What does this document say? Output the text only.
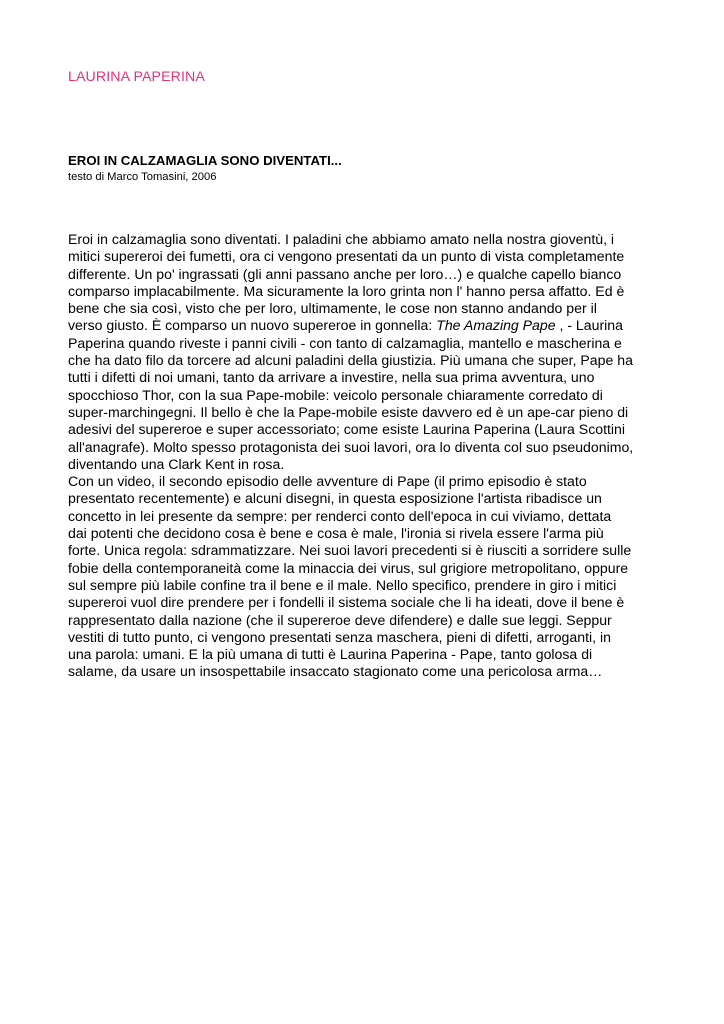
LAURINA PAPERINA
EROI IN CALZAMAGLIA SONO DIVENTATI...
testo di Marco Tomasini, 2006
Eroi in calzamaglia sono diventati. I paladini che abbiamo amato nella nostra gioventù, i
mitici supereroi dei fumetti, ora ci vengono presentati da un punto di vista completamente
differente. Un po' ingrassati (gli anni passano anche per loro…) e qualche capello bianco
comparso implacabilmente. Ma sicuramente la loro grinta non l' hanno persa affatto. Ed è
bene che sia così, visto che per loro, ultimamente, le cose non stanno andando per il
verso giusto. È comparso un nuovo supereroe in gonnella: The Amazing Pape , - Laurina
Paperina quando riveste i panni civili - con tanto di calzamaglia, mantello e mascherina e
che ha dato filo da torcere ad alcuni paladini della giustizia. Più umana che super, Pape ha
tutti i difetti di noi umani, tanto da arrivare a investire, nella sua prima avventura, uno
spocchioso Thor, con la sua Pape-mobile: veicolo personale chiaramente corredato di
super-marchingegni. Il bello è che la Pape-mobile esiste davvero ed è un ape-car pieno di
adesivi del supereroe e super accessoriato; come esiste Laurina Paperina (Laura Scottini
all'anagrafe). Molto spesso protagonista dei suoi lavori, ora lo diventa col suo pseudonimo,
diventando una Clark Kent in rosa.
Con un video, il secondo episodio delle avventure di Pape (il primo episodio è stato
presentato recentemente) e alcuni disegni, in questa esposizione l'artista ribadisce un
concetto in lei presente da sempre: per renderci conto dell'epoca in cui viviamo, dettata
dai potenti che decidono cosa è bene e cosa è male, l'ironia si rivela essere l'arma più
forte. Unica regola: sdrammatizzare. Nei suoi lavori precedenti si è riusciti a sorridere sulle
fobie della contemporaneità come la minaccia dei virus, sul grigiore metropolitano, oppure
sul sempre più labile confine tra il bene e il male. Nello specifico, prendere in giro i mitici
supereroi vuol dire prendere per i fondelli il sistema sociale che li ha ideati, dove il bene è
rappresentato dalla nazione (che il supereroe deve difendere) e dalle sue leggi. Seppur
vestiti di tutto punto, ci vengono presentati senza maschera, pieni di difetti, arroganti, in
una parola: umani. E la più umana di tutti è Laurina Paperina - Pape, tanto golosa di
salame, da usare un insospettabile insaccato stagionato come una pericolosa arma…
